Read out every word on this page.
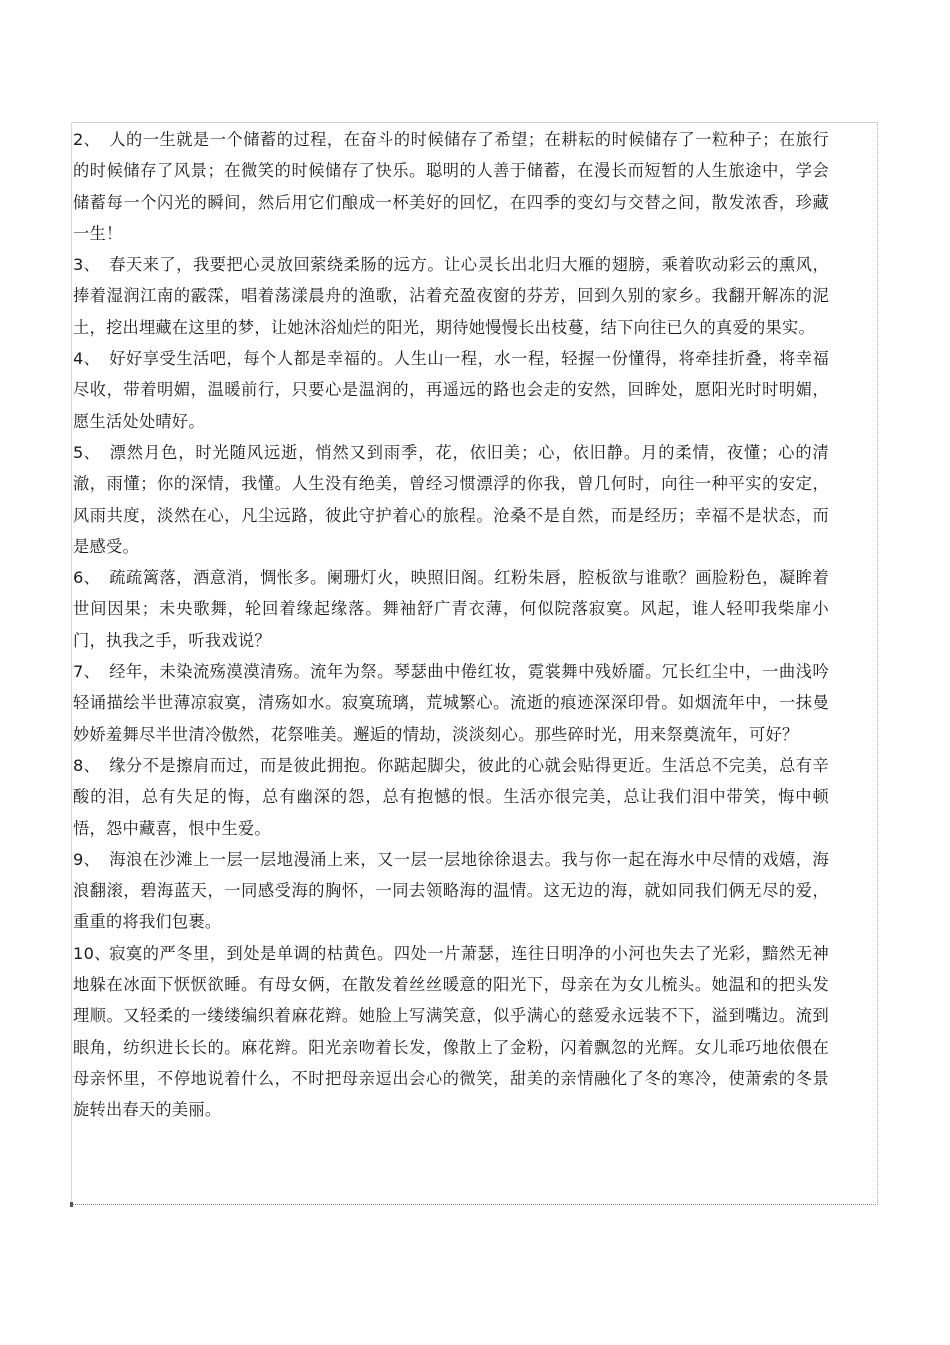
2、 人的一生就是一个储蓄的过程，在奋斗的时候储存了希望；在耕耘的时候储存了一粒种子；在旅行的时候储存了风景；在微笑的时候储存了快乐。聪明的人善于储蓄，在漫长而短暂的人生旅途中，学会储蓄每一个闪光的瞬间，然后用它们酿成一杯美好的回忆，在四季的变幻与交替之间，散发浓香，珍藏一生！

3、 春天来了，我要把心灵放回萦绕柔肠的远方。让心灵长出北归大雁的翅膀，乘着吹动彩云的熏风，捧着湿润江南的霰霂，唱着荡漾晨舟的渔歌，沾着充盈夜窗的芬芳，回到久别的家乡。我翻开解冻的泥土，挖出埋藏在这里的梦，让她沐浴灿烂的阳光，期待她慢慢长出枝蔓，结下向往已久的真爱的果实。

4、 好好享受生活吧，每个人都是幸福的。人生山一程，水一程，轻握一份懂得，将牵挂折叠，将幸福尽收，带着明媚，温暖前行，只要心是温润的，再遥远的路也会走的安然，回眸处，愿阳光时时明媚，愿生活处处晴好。

5、 漂然月色，时光随风远逝，悄然又到雨季，花，依旧美；心，依旧静。月的柔情，夜懂；心的清澈，雨懂；你的深情，我懂。人生没有绝美，曾经习惯漂浮的你我，曾几何时，向往一种平实的安定，风雨共度，淡然在心，凡尘远路，彼此守护着心的旅程。沧桑不是自然，而是经历；幸福不是状态，而是感受。

6、 疏疏篱落，酒意消，惆怅多。阑珊灯火，映照旧阁。红粉朱唇，腔板欲与谁歌？画脸粉色，凝眸着世间因果；未央歌舞，轮回着缘起缘落。舞袖舒广青衣薄，何似院落寂寞。风起，谁人轻叩我柴扉小门，执我之手，听我戏说？

7、 经年，未染流殇漠漠清殇。流年为祭。琴瑟曲中倦红妆，霓裳舞中残娇靥。冗长红尘中，一曲浅吟轻诵描绘半世薄凉寂寞，清殇如水。寂寞琉璃，荒城繁心。流逝的痕迹深深印骨。如烟流年中，一抹曼妙娇羞舞尽半世清冷傲然，花祭唯美。邂逅的情劫，淡淡刻心。那些碎时光，用来祭奠流年，可好？

8、 缘分不是擦肩而过，而是彼此拥抱。你踮起脚尖，彼此的心就会贴得更近。生活总不完美，总有辛酸的泪，总有失足的悔，总有幽深的怨，总有抱憾的恨。生活亦很完美，总让我们泪中带笑，悔中顿悟，怨中藏喜，恨中生爱。

9、 海浪在沙滩上一层一层地漫涌上来，又一层一层地徐徐退去。我与你一起在海水中尽情的戏嬉，海浪翻滚，碧海蓝天，一同感受海的胸怀，一同去领略海的温情。这无边的海，就如同我们俩无尽的爱，重重的将我们包裹。

10、寂寞的严冬里，到处是单调的枯黄色。四处一片萧瑟，连往日明净的小河也失去了光彩，黯然无神地躲在冰面下恹恹欲睡。有母女俩，在散发着丝丝暖意的阳光下，母亲在为女儿梳头。她温和的把头发理顺。又轻柔的一缕缕编织着麻花辫。她脸上写满笑意，似乎满心的慈爱永远装不下，溢到嘴边。流到眼角，纺织进长长的。麻花辫。阳光亲吻着长发，像散上了金粉，闪着飘忽的光辉。女儿乖巧地依偎在母亲怀里，不停地说着什么，不时把母亲逗出会心的微笑，甜美的亲情融化了冬的寒冷，使萧索的冬景旋转出春天的美丽。
